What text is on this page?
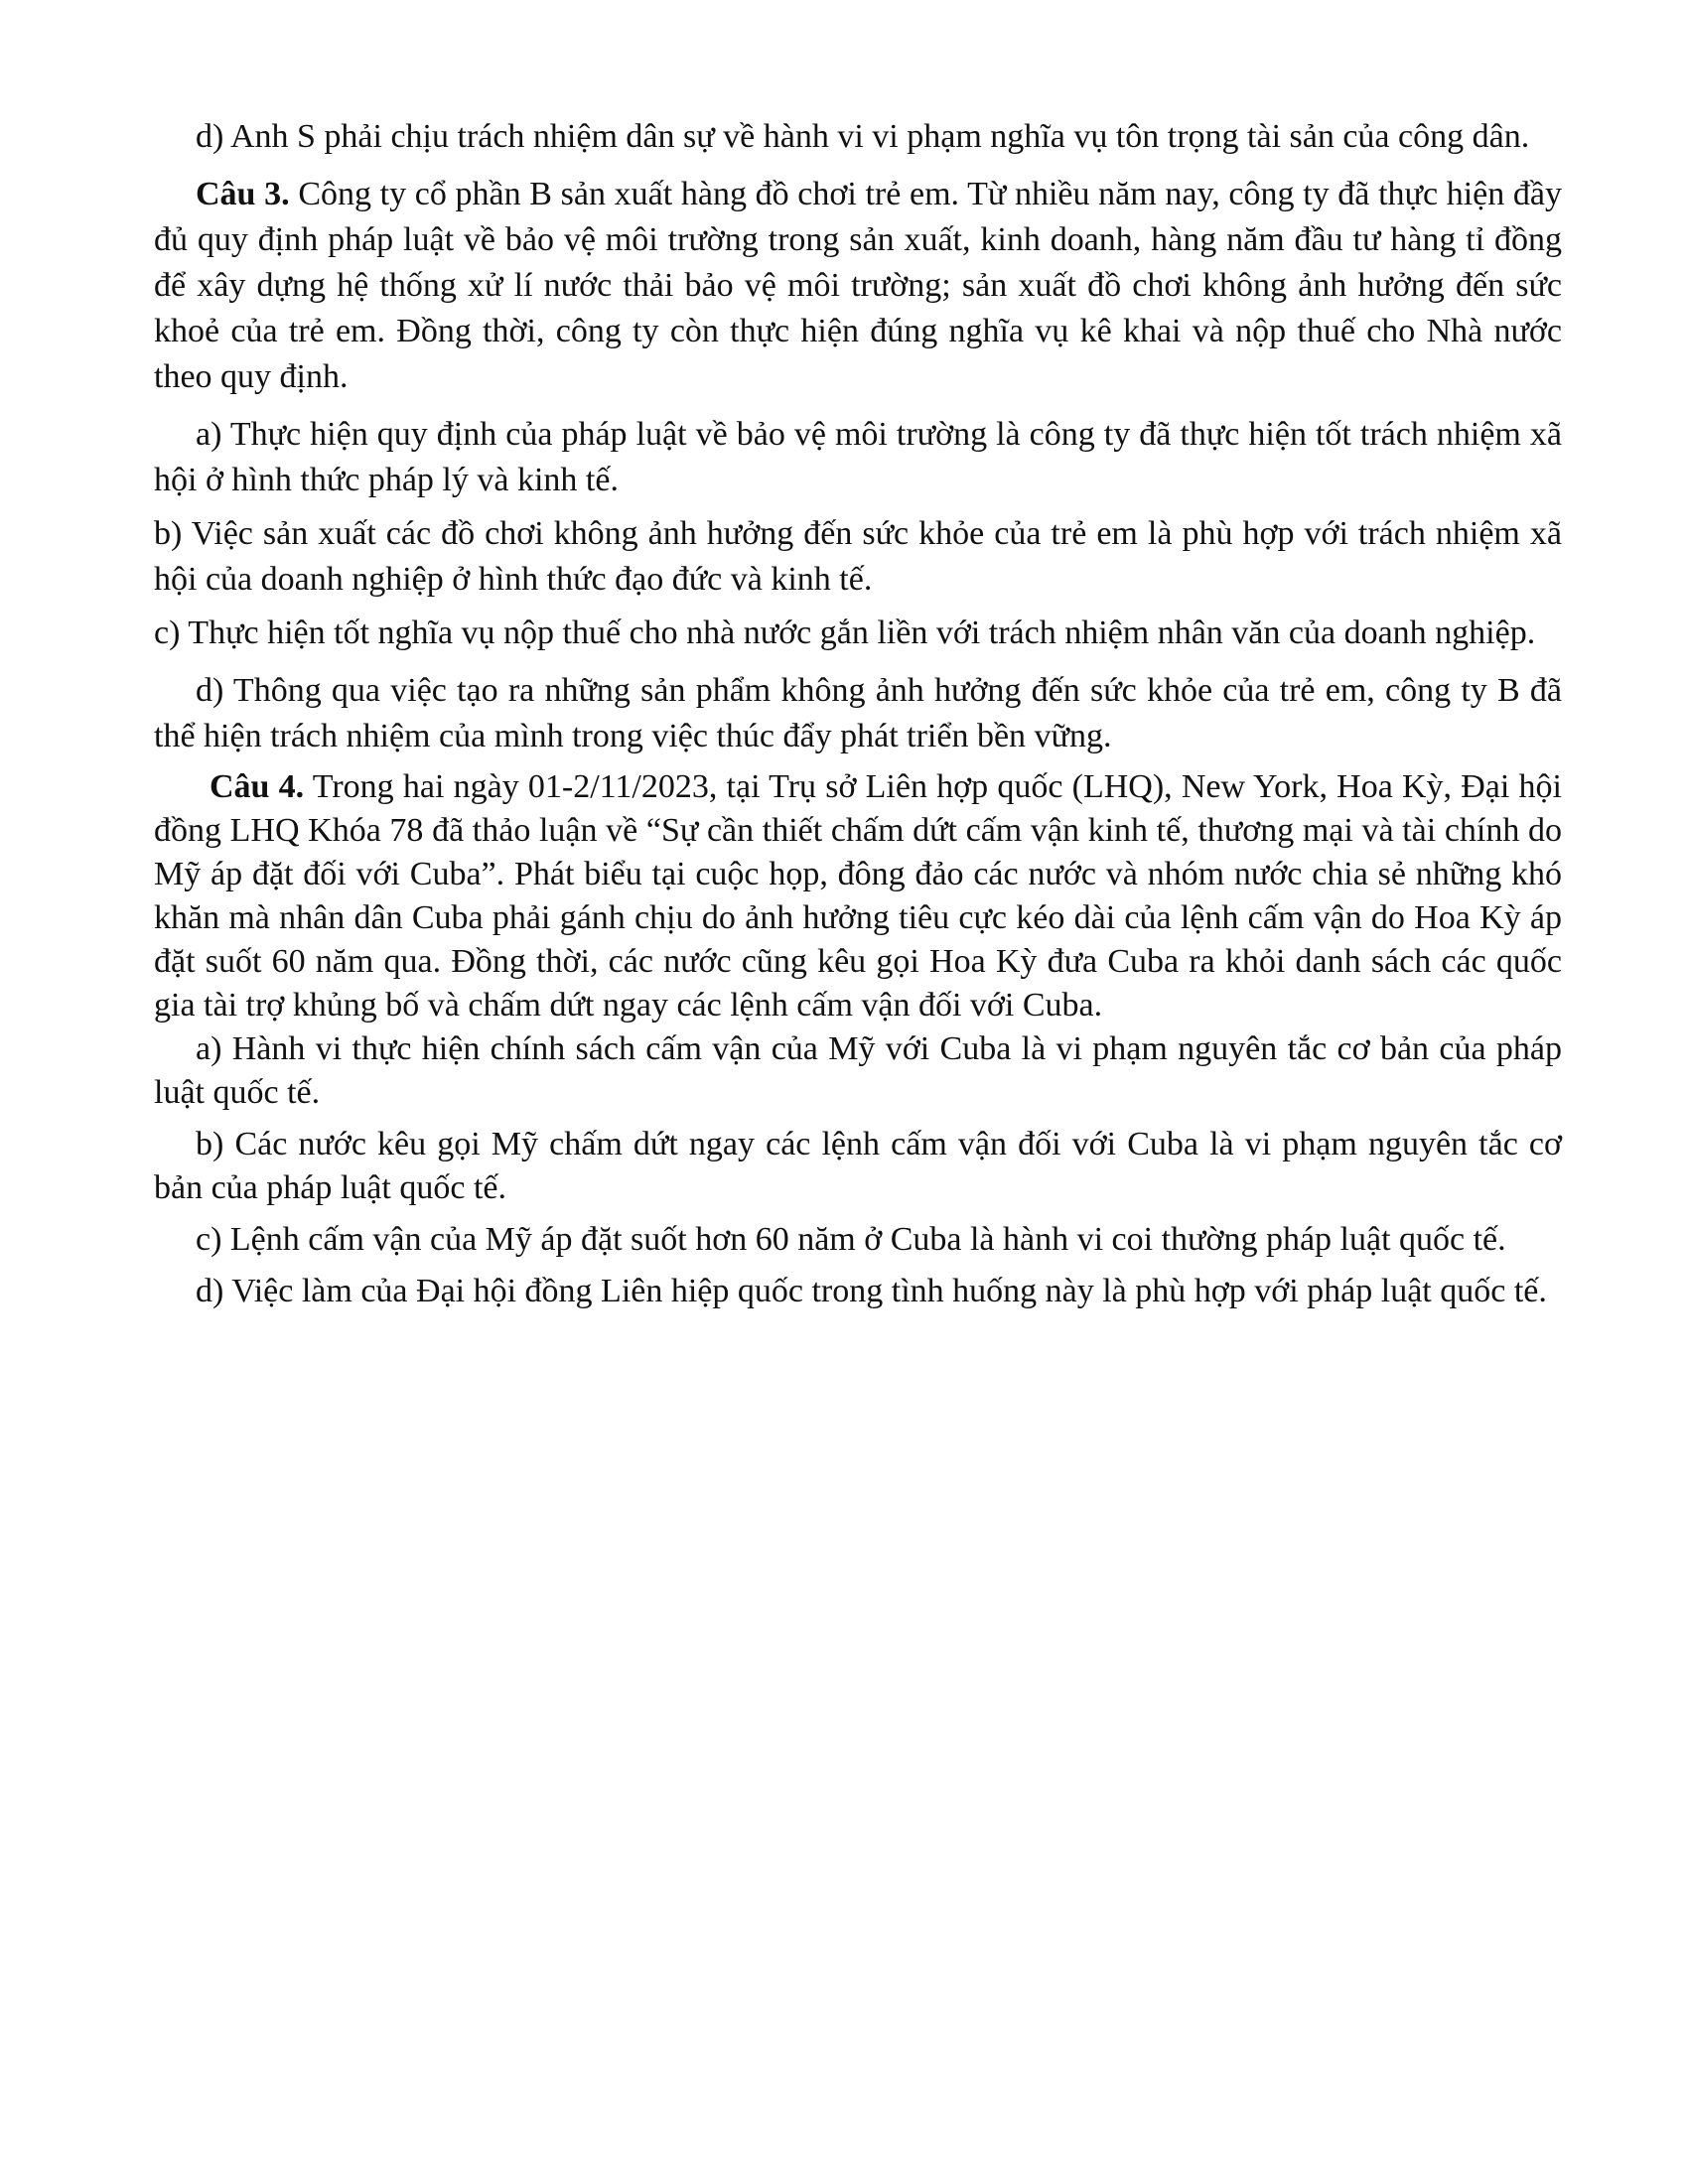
d) Anh S phải chịu trách nhiệm dân sự về hành vi vi phạm nghĩa vụ tôn trọng tài sản của công dân.

Câu 3. Công ty cổ phần B sản xuất hàng đồ chơi trẻ em. Từ nhiều năm nay, công ty đã thực hiện đầy đủ quy định pháp luật về bảo vệ môi trường trong sản xuất, kinh doanh, hàng năm đầu tư hàng tỉ đồng để xây dựng hệ thống xử lí nước thải bảo vệ môi trường; sản xuất đồ chơi không ảnh hưởng đến sức khoẻ của trẻ em. Đồng thời, công ty còn thực hiện đúng nghĩa vụ kê khai và nộp thuế cho Nhà nước theo quy định.

a) Thực hiện quy định của pháp luật về bảo vệ môi trường là công ty đã thực hiện tốt trách nhiệm xã hội ở hình thức pháp lý và kinh tế.

b) Việc sản xuất các đồ chơi không ảnh hưởng đến sức khỏe của trẻ em là phù hợp với trách nhiệm xã hội của doanh nghiệp ở hình thức đạo đức và kinh tế.

c) Thực hiện tốt nghĩa vụ nộp thuế cho nhà nước gắn liền với trách nhiệm nhân văn của doanh nghiệp.

d) Thông qua việc tạo ra những sản phẩm không ảnh hưởng đến sức khỏe của trẻ em, công ty B đã thể hiện trách nhiệm của mình trong việc thúc đẩy phát triển bền vững.

Câu 4. Trong hai ngày 01-2/11/2023, tại Trụ sở Liên hợp quốc (LHQ), New York, Hoa Kỳ, Đại hội đồng LHQ Khóa 78 đã thảo luận về “Sự cần thiết chấm dứt cấm vận kinh tế, thương mại và tài chính do Mỹ áp đặt đối với Cuba”. Phát biểu tại cuộc họp, đông đảo các nước và nhóm nước chia sẻ những khó khăn mà nhân dân Cuba phải gánh chịu do ảnh hưởng tiêu cực kéo dài của lệnh cấm vận do Hoa Kỳ áp đặt suốt 60 năm qua. Đồng thời, các nước cũng kêu gọi Hoa Kỳ đưa Cuba ra khỏi danh sách các quốc gia tài trợ khủng bố và chấm dứt ngay các lệnh cấm vận đối với Cuba.

a) Hành vi thực hiện chính sách cấm vận của Mỹ với Cuba là vi phạm nguyên tắc cơ bản của pháp luật quốc tế.

b) Các nước kêu gọi Mỹ chấm dứt ngay các lệnh cấm vận đối với Cuba là vi phạm nguyên tắc cơ bản của pháp luật quốc tế.

c) Lệnh cấm vận của Mỹ áp đặt suốt hơn 60 năm ở Cuba là hành vi coi thường pháp luật quốc tế.

d) Việc làm của Đại hội đồng Liên hiệp quốc trong tình huống này là phù hợp với pháp luật quốc tế.
